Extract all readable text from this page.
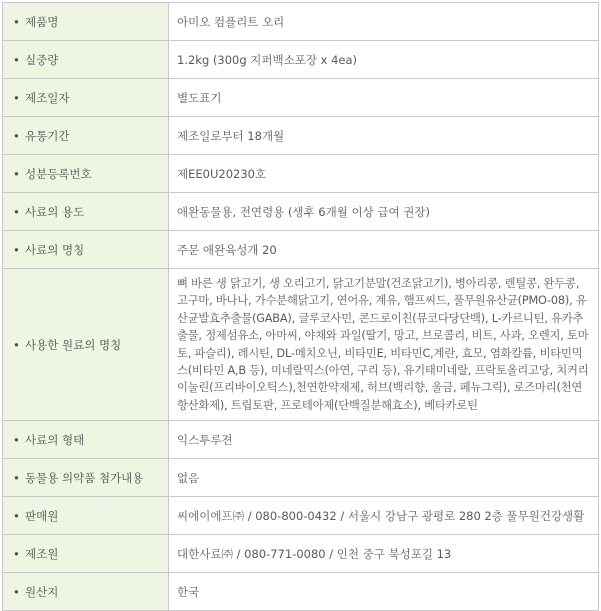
• 제품명	아미오 컴플리트 오리
• 실중량	1.2kg (300g 지퍼백소포장 x 4ea)
• 제조일자	별도표기
• 유통기간	제조일로부터 18개월
• 성분등록번호	제EE0U20230호
• 사료의 용도	애완동물용, 전연령용 (생후 6개월 이상 급여 권장)
• 사료의 명칭	주문 애완육성개 20
• 사용한 원료의 명칭	뼈 바른 생 닭고기, 생 오리고기, 닭고기분말(건조닭고기), 병아리콩, 렌틸콩, 완두콩, 고구마, 바나나, 가수분해닭고기, 연어유, 계유, 햄프씨드, 풀무원유산균(PMO-08), 유산균발효추출물(GABA), 글루코사민, 콘드로이친(뮤코다당단백), L-카르니틴, 유카추출물, 정제섬유소, 아마씨, 야채와 과일(딸기, 망고, 브로콜리, 비트, 사과, 오렌지, 토마토, 파슬리), 레시틴, DL-메치오닌, 비타민E, 비타민C,계란, 효모, 염화칼륨, 비타민믹스(비타민 A,B 등), 미네랄믹스(아연, 구리 등), 유기태미네랄, 프락토올리고당, 치커리이눌린(프리바이오틱스),천연한약재제, 허브(백리향, 울금, 페뉴그릭), 로즈마리(천연항산화제), 트립토판, 프로테아제(단백질분해효소), 베타카로틴
• 사료의 형태	익스투루젼
• 동물용 의약품 첨가내용	없음
• 판매원	씨에이에프㈜ / 080-800-0432 / 서울시 강남구 광평로 280 2층 풀무원건강생활
• 제조원	대한사료㈜ / 080-771-0080 / 인천 중구 북성포길 13
• 원산지	한국
